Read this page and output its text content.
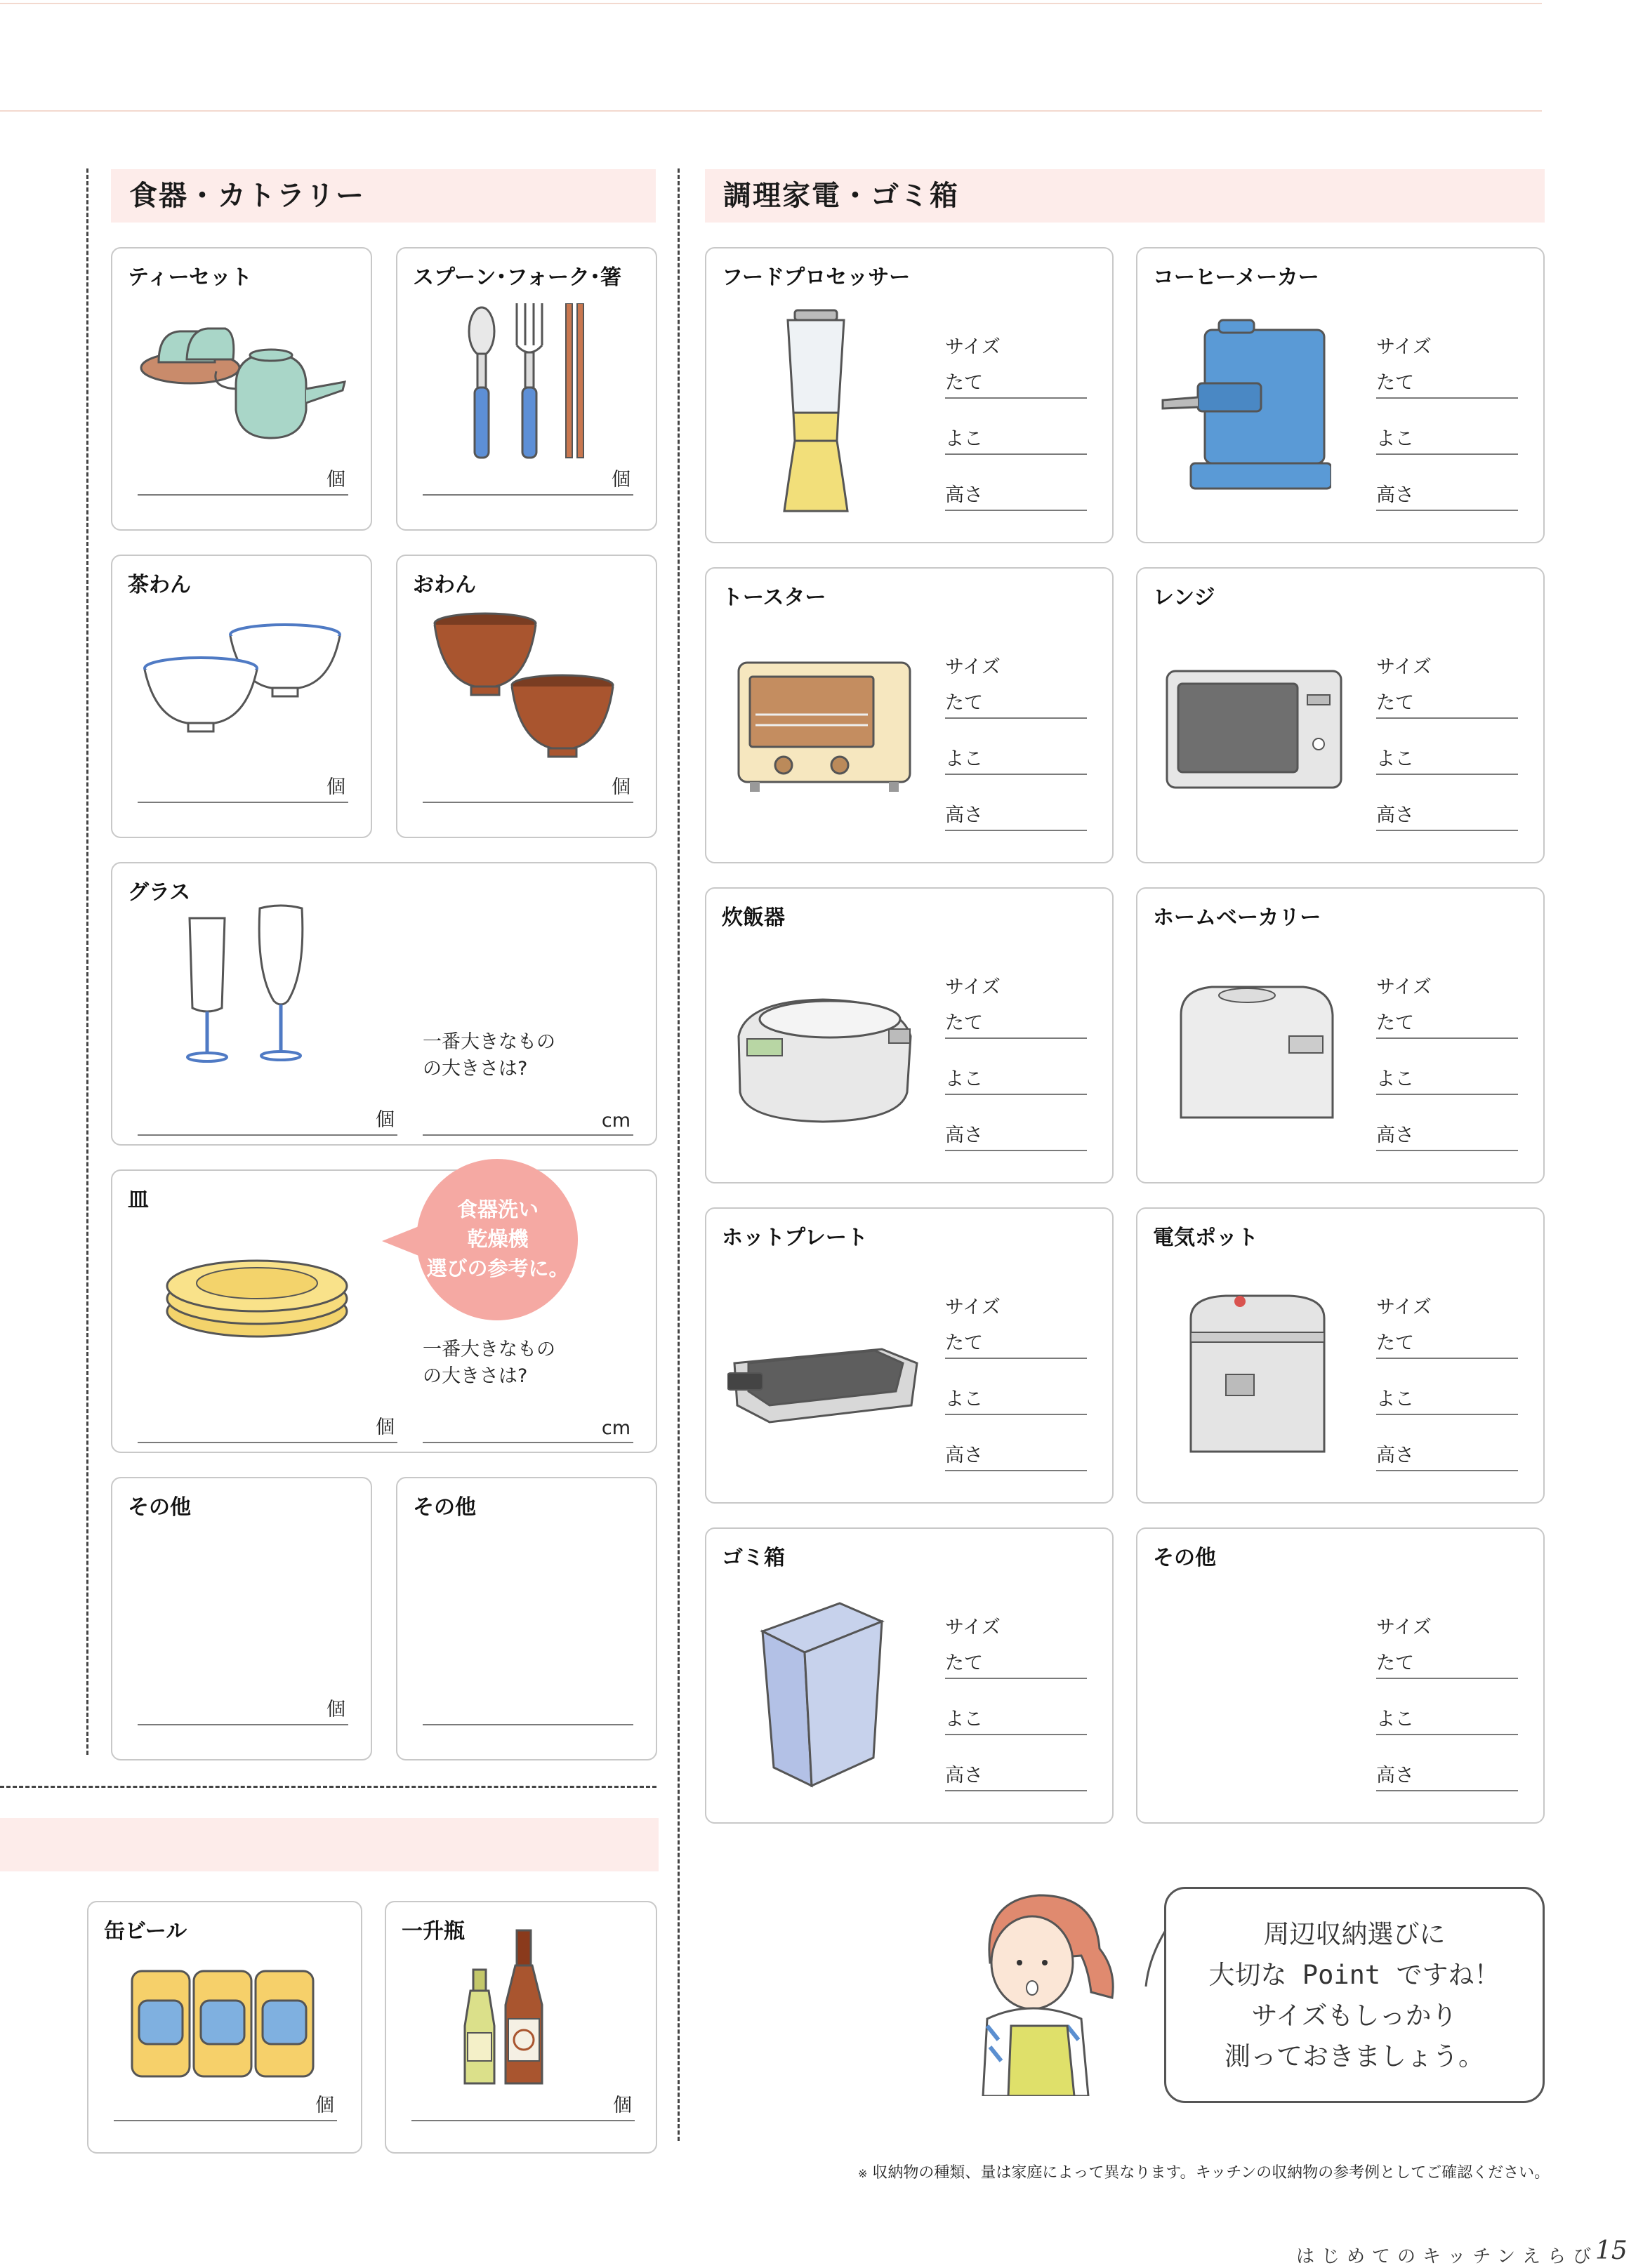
食器・カトラリー
ティーセット
個
スプーン･フォーク･箸
個
茶わん
個
おわん
個
グラス
一番大きなもの
の大きさは?
個	cm
皿
一番大きなもの
の大きさは?
個	cm
食器洗い
乾燥機
選びの参考に。
その他
個
その他
缶ビール
個
一升瓶
個
調理家電・ゴミ箱
フードプロセッサー
サイズ
たて
よこ
高さ
コーヒーメーカー
サイズ
たて
よこ
高さ
トースター
サイズ
たて
よこ
高さ
レンジ
サイズ
たて
よこ
高さ
炊飯器
サイズ
たて
よこ
高さ
ホームベーカリー
サイズ
たて
よこ
高さ
ホットプレート
サイズ
たて
よこ
高さ
電気ポット
サイズ
たて
よこ
高さ
ゴミ箱
サイズ
たて
よこ
高さ
その他
サイズ
たて
よこ
高さ
周辺収納選びに
大切な Point ですね！
サイズもしっかり
測っておきましょう。
※ 収納物の種類、量は家庭によって異なります。キッチンの収納物の参考例としてご確認ください。
はじめてのキッチンえらび
15
